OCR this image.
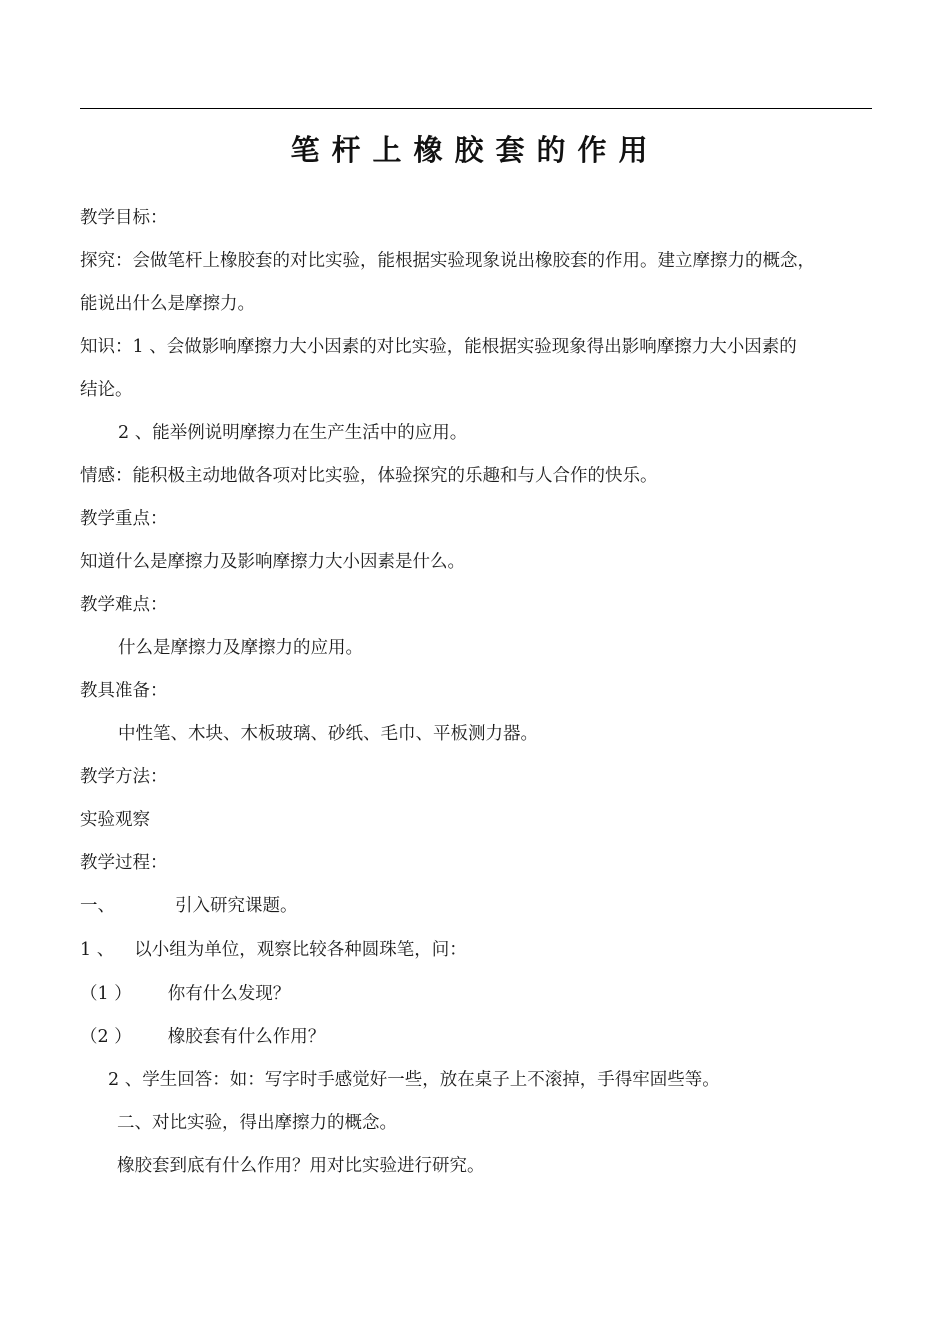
笔杆上橡胶套的作用
教学目标：
探究：会做笔杆上橡胶套的对比实验，能根据实验现象说出橡胶套的作用。建立摩擦力的概念，
能说出什么是摩擦力。
知识：1 、会做影响摩擦力大小因素的对比实验，能根据实验现象得出影响摩擦力大小因素的
结论。
2 、能举例说明摩擦力在生产生活中的应用。
情感：能积极主动地做各项对比实验，体验探究的乐趣和与人合作的快乐。
教学重点：
知道什么是摩擦力及影响摩擦力大小因素是什么。
教学难点：
什么是摩擦力及摩擦力的应用。
教具准备：
中性笔、木块、木板玻璃、砂纸、毛巾、平板测力器。
教学方法：
实验观察
教学过程：
一、	引入研究课题。
1 、 以小组为单位，观察比较各种圆珠笔，问：
（1 ） 你有什么发现？
（2 ） 橡胶套有什么作用？
2 、学生回答：如：写字时手感觉好一些，放在桌子上不滚掉，手得牢固些等。
二、对比实验，得出摩擦力的概念。
橡胶套到底有什么作用？用对比实验进行研究。
